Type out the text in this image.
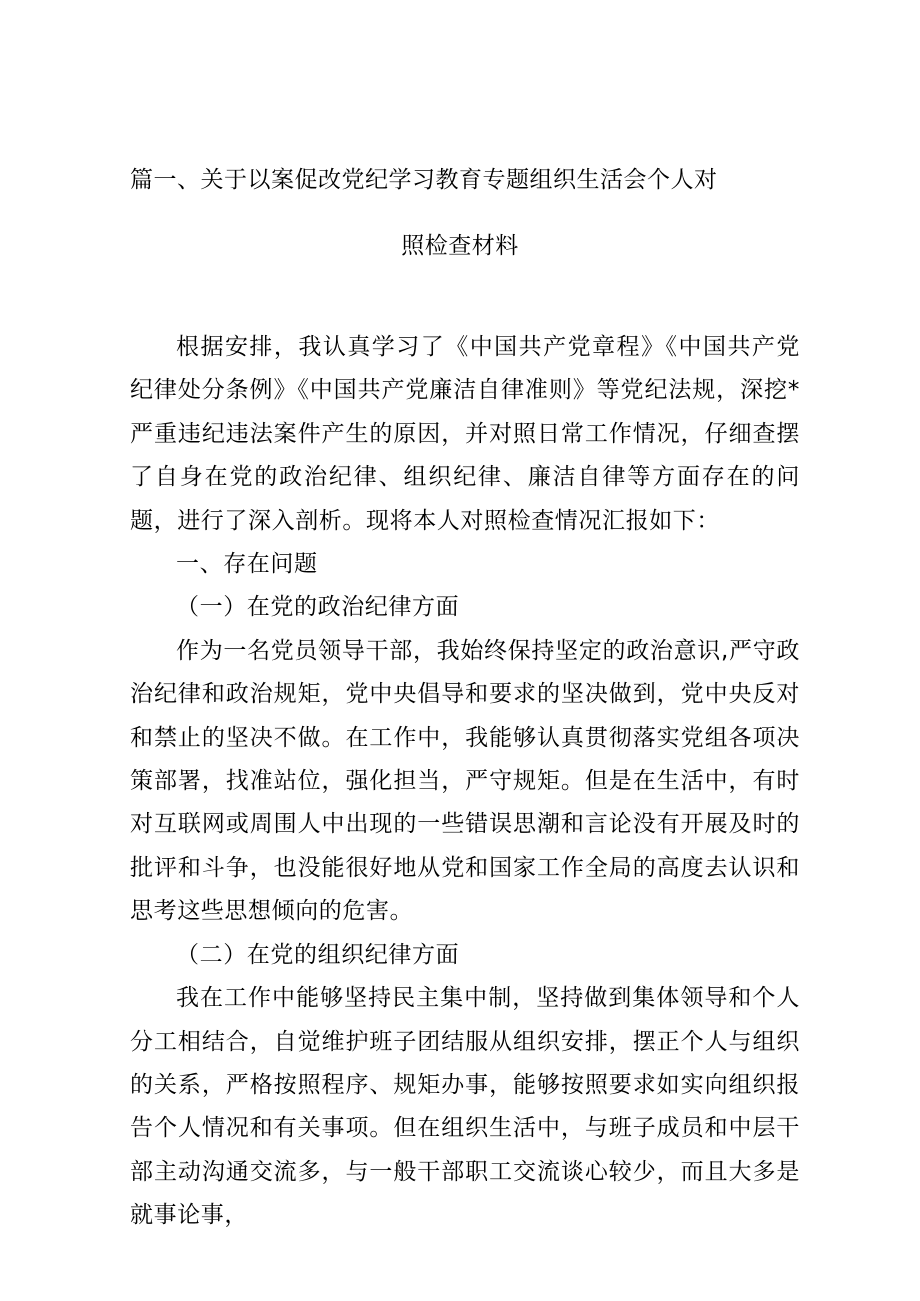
篇一、关于以案促改党纪学习教育专题组织生活会个人对
照检查材料

根据安排，我认真学习了《中国共产党章程》《中国共产党纪律处分条例》《中国共产党廉洁自律准则》等党纪法规，深挖*严重违纪违法案件产生的原因，并对照日常工作情况，仔细查摆了自身在党的政治纪律、组织纪律、廉洁自律等方面存在的问题，进行了深入剖析。现将本人对照检查情况汇报如下：

一、存在问题

（一）在党的政治纪律方面

作为一名党员领导干部，我始终保持坚定的政治意识,严守政治纪律和政治规矩，党中央倡导和要求的坚决做到，党中央反对和禁止的坚决不做。在工作中，我能够认真贯彻落实党组各项决策部署，找准站位，强化担当，严守规矩。但是在生活中，有时对互联网或周围人中出现的一些错误思潮和言论没有开展及时的批评和斗争，也没能很好地从党和国家工作全局的高度去认识和思考这些思想倾向的危害。

（二）在党的组织纪律方面

我在工作中能够坚持民主集中制，坚持做到集体领导和个人分工相结合，自觉维护班子团结服从组织安排，摆正个人与组织的关系，严格按照程序、规矩办事，能够按照要求如实向组织报告个人情况和有关事项。但在组织生活中，与班子成员和中层干部主动沟通交流多，与一般干部职工交流谈心较少，而且大多是就事论事，
